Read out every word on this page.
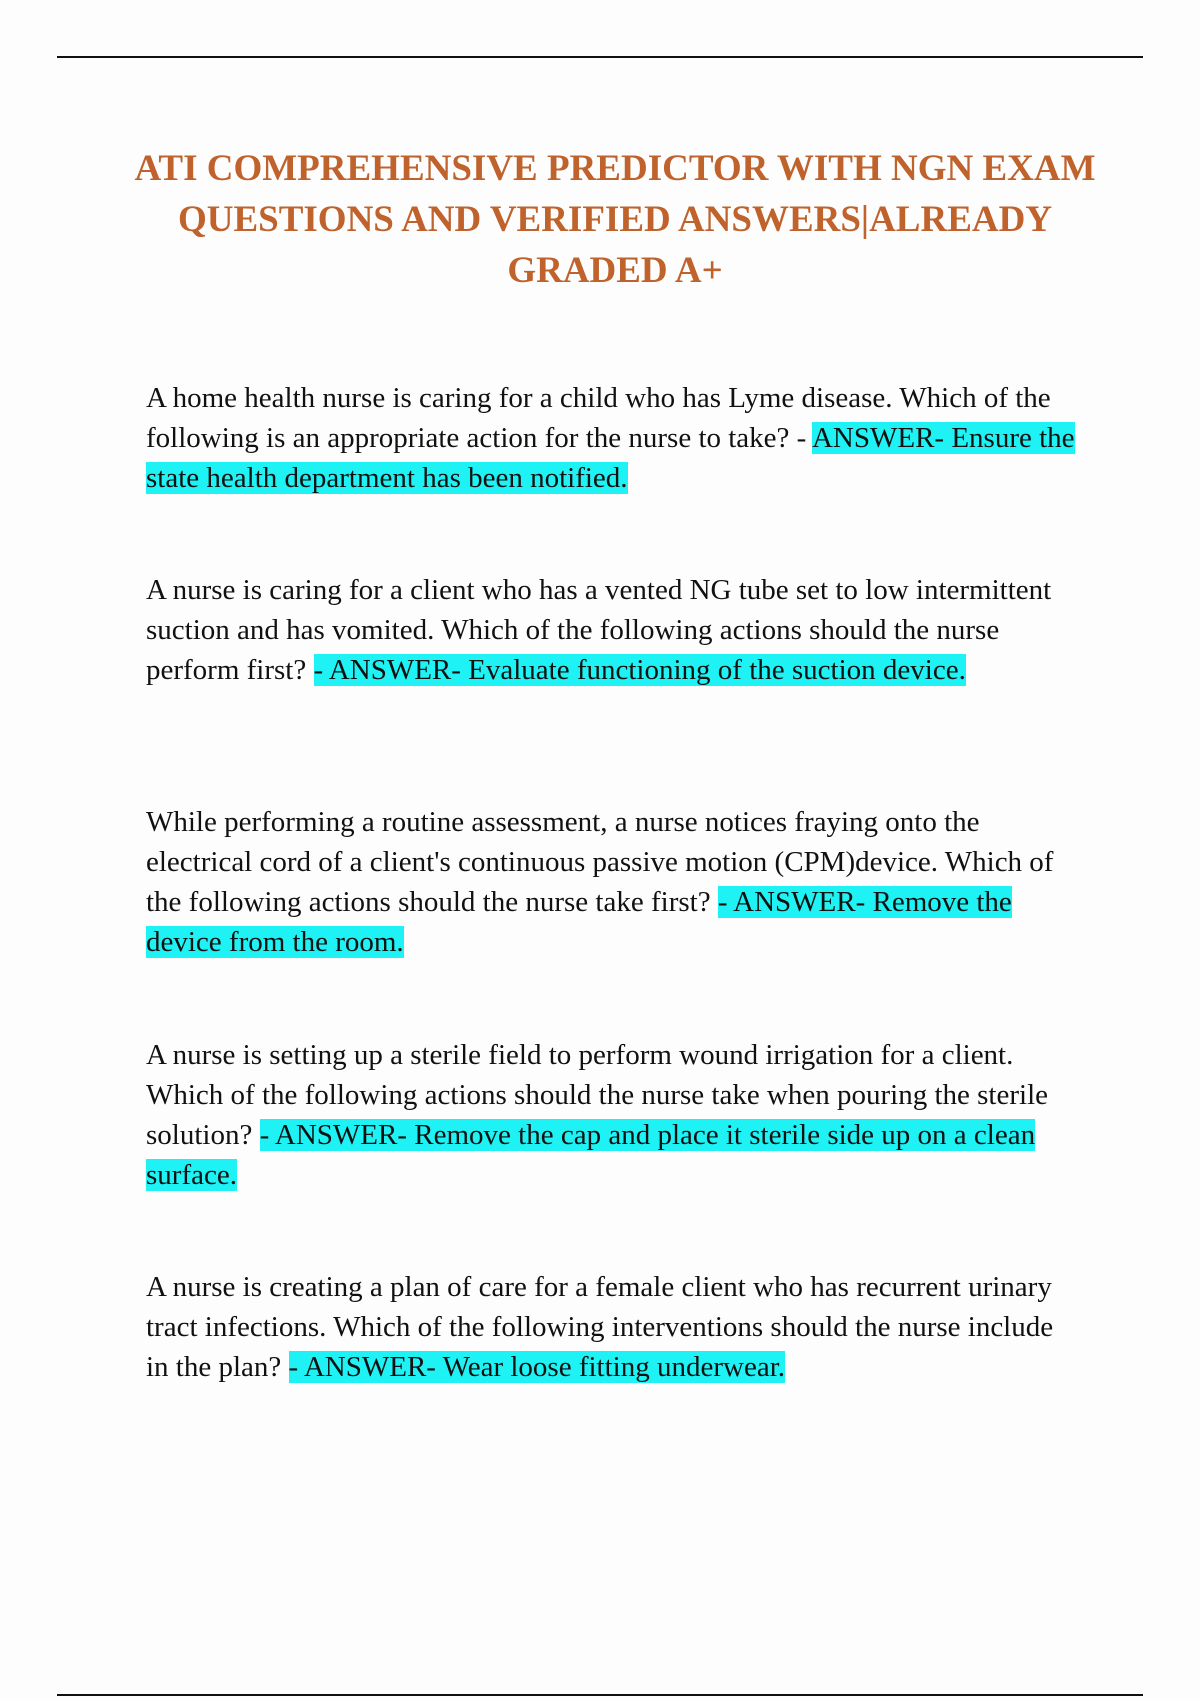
ATI COMPREHENSIVE PREDICTOR WITH NGN EXAM QUESTIONS AND VERIFIED ANSWERS|ALREADY GRADED A+

A home health nurse is caring for a child who has Lyme disease. Which of the following is an appropriate action for the nurse to take? - ANSWER- Ensure the state health department has been notified.

A nurse is caring for a client who has a vented NG tube set to low intermittent suction and has vomited. Which of the following actions should the nurse perform first? - ANSWER- Evaluate functioning of the suction device.

While performing a routine assessment, a nurse notices fraying onto the electrical cord of a client's continuous passive motion (CPM)device. Which of the following actions should the nurse take first? - ANSWER- Remove the device from the room.

A nurse is setting up a sterile field to perform wound irrigation for a client. Which of the following actions should the nurse take when pouring the sterile solution? - ANSWER- Remove the cap and place it sterile side up on a clean surface.

A nurse is creating a plan of care for a female client who has recurrent urinary tract infections. Which of the following interventions should the nurse include in the plan? - ANSWER- Wear loose fitting underwear.
